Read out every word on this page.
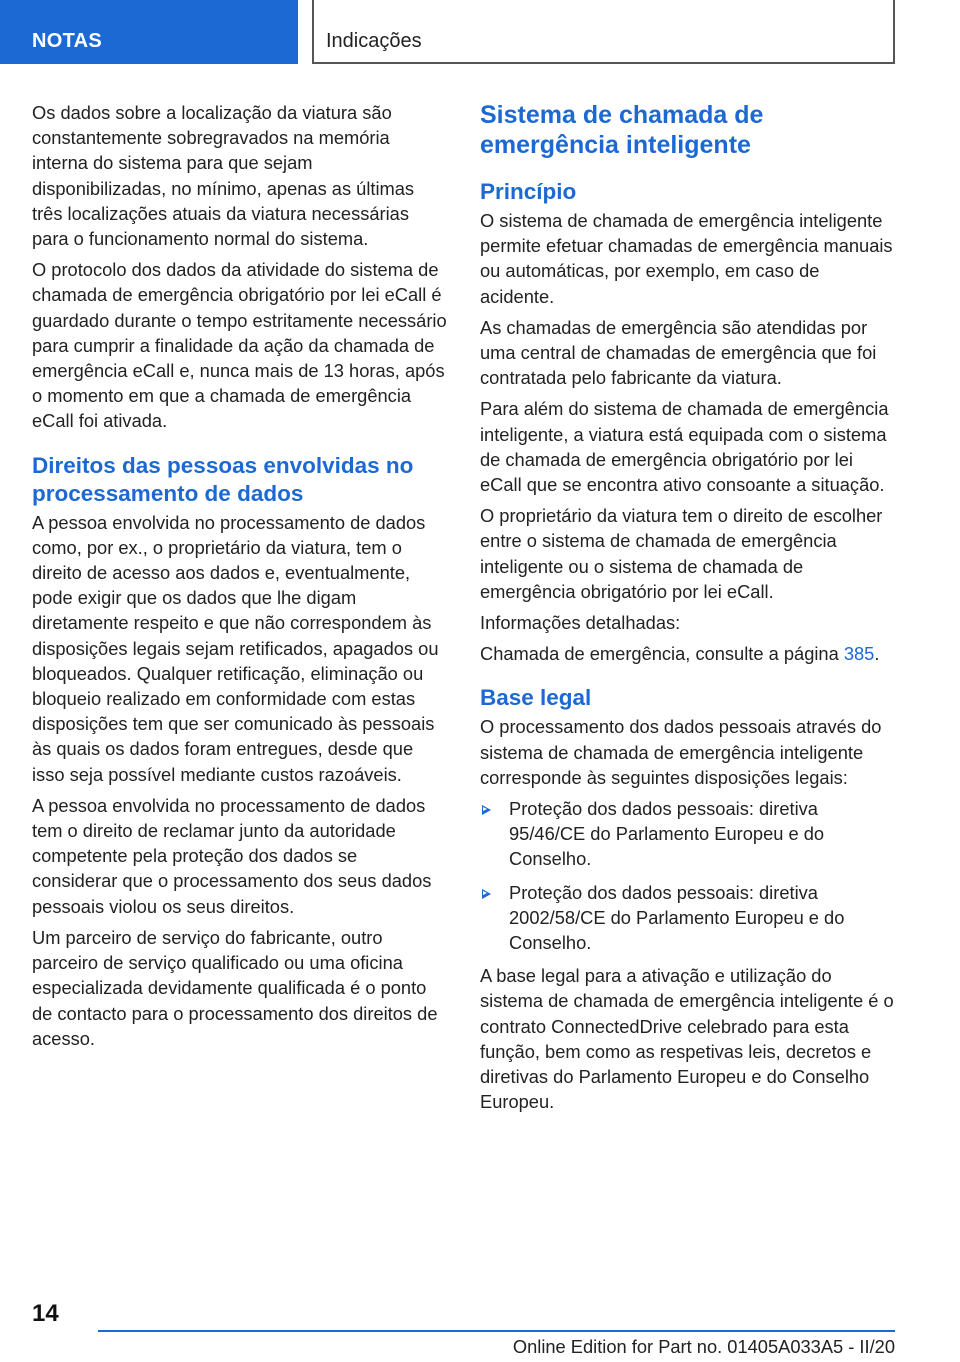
NOTAS	Indicações

Os dados sobre a localização da viatura são constantemente sobregravados na memória interna do sistema para que sejam disponibilizadas, no mínimo, apenas as últimas três localizações atuais da viatura necessárias para o funcionamento normal do sistema.

O protocolo dos dados da atividade do sistema de chamada de emergência obrigatório por lei eCall é guardado durante o tempo estritamente necessário para cumprir a finalidade da ação da chamada de emergência eCall e, nunca mais de 13 horas, após o momento em que a chamada de emergência eCall foi ativada.

Direitos das pessoas envolvidas no processamento de dados

A pessoa envolvida no processamento de dados como, por ex., o proprietário da viatura, tem o direito de acesso aos dados e, eventualmente, pode exigir que os dados que lhe digam diretamente respeito e que não correspondem às disposições legais sejam retificados, apagados ou bloqueados. Qualquer retificação, eliminação ou bloqueio realizado em conformidade com estas disposições tem que ser comunicado às pessoais às quais os dados foram entregues, desde que isso seja possível mediante custos razoáveis.

A pessoa envolvida no processamento de dados tem o direito de reclamar junto da autoridade competente pela proteção dos dados se considerar que o processamento dos seus dados pessoais violou os seus direitos.

Um parceiro de serviço do fabricante, outro parceiro de serviço qualificado ou uma oficina especializada devidamente qualificada é o ponto de contacto para o processamento dos direitos de acesso.

Sistema de chamada de emergência inteligente
Princípio

O sistema de chamada de emergência inteligente permite efetuar chamadas de emergência manuais ou automáticas, por exemplo, em caso de acidente.

As chamadas de emergência são atendidas por uma central de chamadas de emergência que foi contratada pelo fabricante da viatura.

Para além do sistema de chamada de emergência inteligente, a viatura está equipada com o sistema de chamada de emergência obrigatório por lei eCall que se encontra ativo consoante a situação.

O proprietário da viatura tem o direito de escolher entre o sistema de chamada de emergência inteligente ou o sistema de chamada de emergência obrigatório por lei eCall.

Informações detalhadas:

Chamada de emergência, consulte a página 385.

Base legal

O processamento dos dados pessoais através do sistema de chamada de emergência inteligente corresponde às seguintes disposições legais:

Proteção dos dados pessoais: diretiva 95/46/CE do Parlamento Europeu e do Conselho.
Proteção dos dados pessoais: diretiva 2002/58/CE do Parlamento Europeu e do Conselho.

A base legal para a ativação e utilização do sistema de chamada de emergência inteligente é o contrato ConnectedDrive celebrado para esta função, bem como as respetivas leis, decretos e diretivas do Parlamento Europeu e do Conselho Europeu.

14
Online Edition for Part no. 01405A033A5 - II/20
